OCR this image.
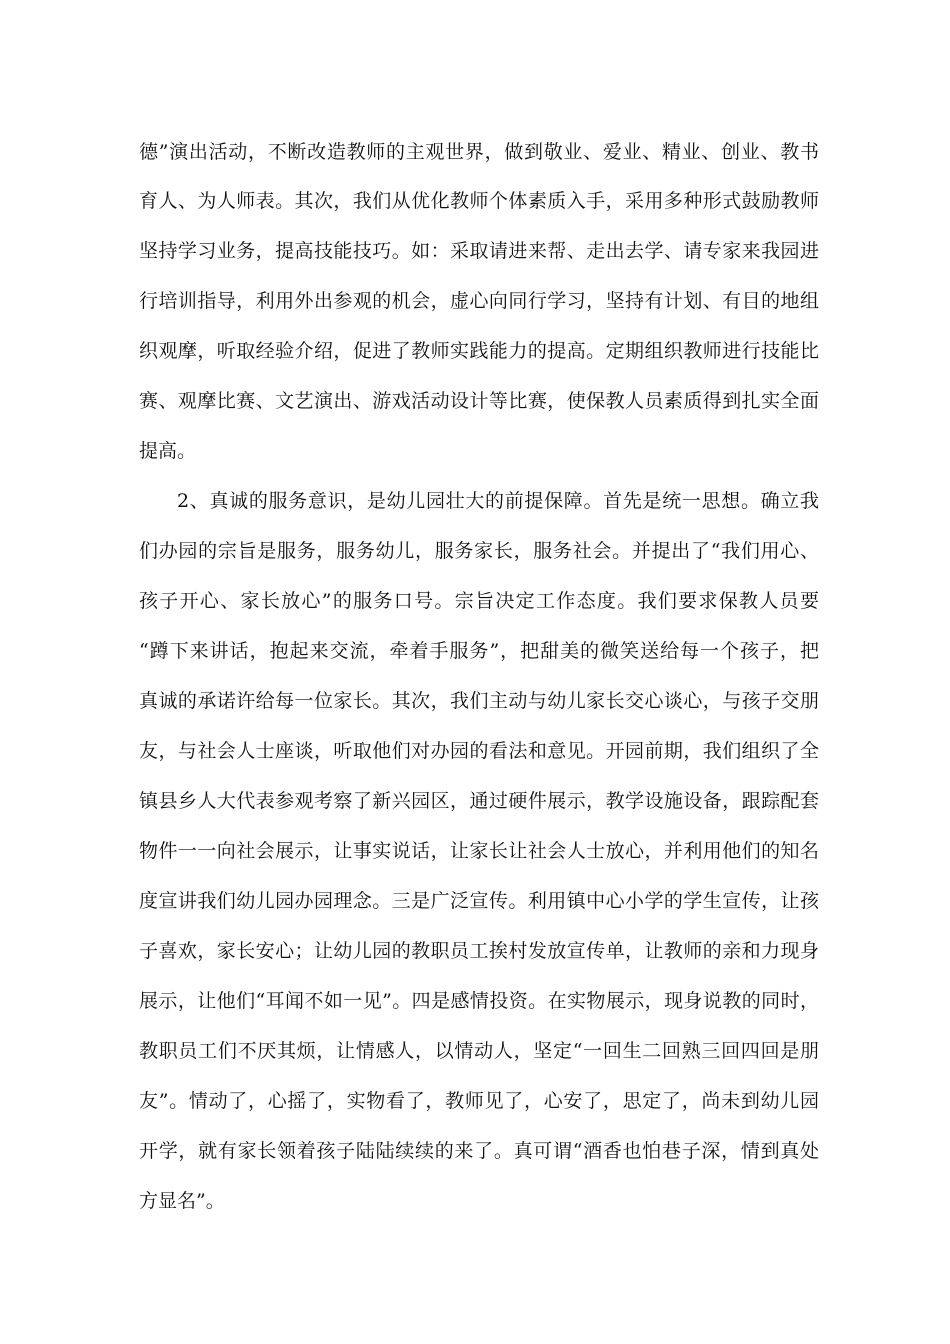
德”演出活动，不断改造教师的主观世界，做到敬业、爱业、精业、创业、教书
育人、为人师表。其次，我们从优化教师个体素质入手，采用多种形式鼓励教师
坚持学习业务，提高技能技巧。如：采取请进来帮、走出去学、请专家来我园进
行培训指导，利用外出参观的机会，虚心向同行学习，坚持有计划、有目的地组
织观摩，听取经验介绍，促进了教师实践能力的提高。定期组织教师进行技能比
赛、观摩比赛、文艺演出、游戏活动设计等比赛，使保教人员素质得到扎实全面
提高。
2、真诚的服务意识，是幼儿园壮大的前提保障。首先是统一思想。确立我
们办园的宗旨是服务，服务幼儿，服务家长，服务社会。并提出了“我们用心、
孩子开心、家长放心”的服务口号。宗旨决定工作态度。我们要求保教人员要
“蹲下来讲话，抱起来交流，牵着手服务”，把甜美的微笑送给每一个孩子，把
真诚的承诺许给每一位家长。其次，我们主动与幼儿家长交心谈心，与孩子交朋
友，与社会人士座谈，听取他们对办园的看法和意见。开园前期，我们组织了全
镇县乡人大代表参观考察了新兴园区，通过硬件展示，教学设施设备，跟踪配套
物件一一向社会展示，让事实说话，让家长让社会人士放心，并利用他们的知名
度宣讲我们幼儿园办园理念。三是广泛宣传。利用镇中心小学的学生宣传，让孩
子喜欢，家长安心；让幼儿园的教职员工挨村发放宣传单，让教师的亲和力现身
展示，让他们“耳闻不如一见”。四是感情投资。在实物展示，现身说教的同时，
教职员工们不厌其烦，让情感人，以情动人，坚定“一回生二回熟三回四回是朋
友”。情动了，心摇了，实物看了，教师见了，心安了，思定了，尚未到幼儿园
开学，就有家长领着孩子陆陆续续的来了。真可谓“酒香也怕巷子深，情到真处
方显名”。
